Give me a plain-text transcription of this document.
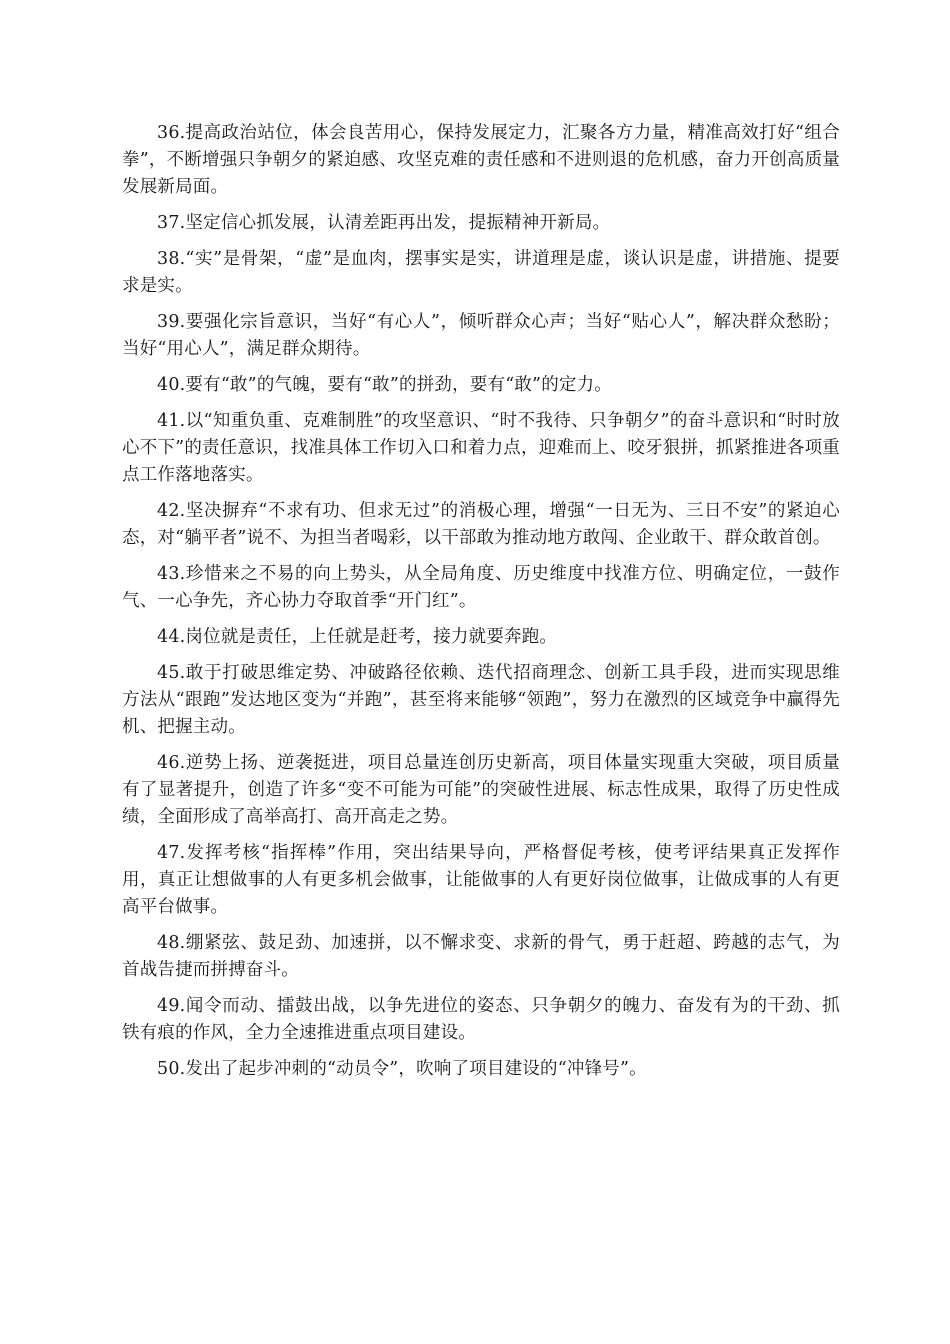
36.提高政治站位，体会良苦用心，保持发展定力，汇聚各方力量，精准高效打好“组合拳”，不断增强只争朝夕的紧迫感、攻坚克难的责任感和不进则退的危机感，奋力开创高质量发展新局面。

37.坚定信心抓发展，认清差距再出发，提振精神开新局。

38.“实”是骨架，“虚”是血肉，摆事实是实，讲道理是虚，谈认识是虚，讲措施、提要求是实。

39.要强化宗旨意识，当好“有心人”，倾听群众心声；当好“贴心人”，解决群众愁盼；当好“用心人”，满足群众期待。

40.要有“敢”的气魄，要有“敢”的拼劲，要有“敢”的定力。

41.以“知重负重、克难制胜”的攻坚意识、“时不我待、只争朝夕”的奋斗意识和“时时放心不下”的责任意识，找准具体工作切入口和着力点，迎难而上、咬牙狠拼，抓紧推进各项重点工作落地落实。

42.坚决摒弃“不求有功、但求无过”的消极心理，增强“一日无为、三日不安”的紧迫心态，对“躺平者”说不、为担当者喝彩，以干部敢为推动地方敢闯、企业敢干、群众敢首创。

43.珍惜来之不易的向上势头，从全局角度、历史维度中找准方位、明确定位，一鼓作气、一心争先，齐心协力夺取首季“开门红”。

44.岗位就是责任，上任就是赶考，接力就要奔跑。

45.敢于打破思维定势、冲破路径依赖、迭代招商理念、创新工具手段，进而实现思维方法从“跟跑”发达地区变为“并跑”，甚至将来能够“领跑”，努力在激烈的区域竞争中赢得先机、把握主动。

46.逆势上扬、逆袭挺进，项目总量连创历史新高，项目体量实现重大突破，项目质量有了显著提升，创造了许多“变不可能为可能”的突破性进展、标志性成果，取得了历史性成绩，全面形成了高举高打、高开高走之势。

47.发挥考核“指挥棒”作用，突出结果导向，严格督促考核，使考评结果真正发挥作用，真正让想做事的人有更多机会做事，让能做事的人有更好岗位做事，让做成事的人有更高平台做事。

48.绷紧弦、鼓足劲、加速拼，以不懈求变、求新的骨气，勇于赶超、跨越的志气，为首战告捷而拼搏奋斗。

49.闻令而动、擂鼓出战，以争先进位的姿态、只争朝夕的魄力、奋发有为的干劲、抓铁有痕的作风，全力全速推进重点项目建设。

50.发出了起步冲刺的“动员令”，吹响了项目建设的“冲锋号”。
